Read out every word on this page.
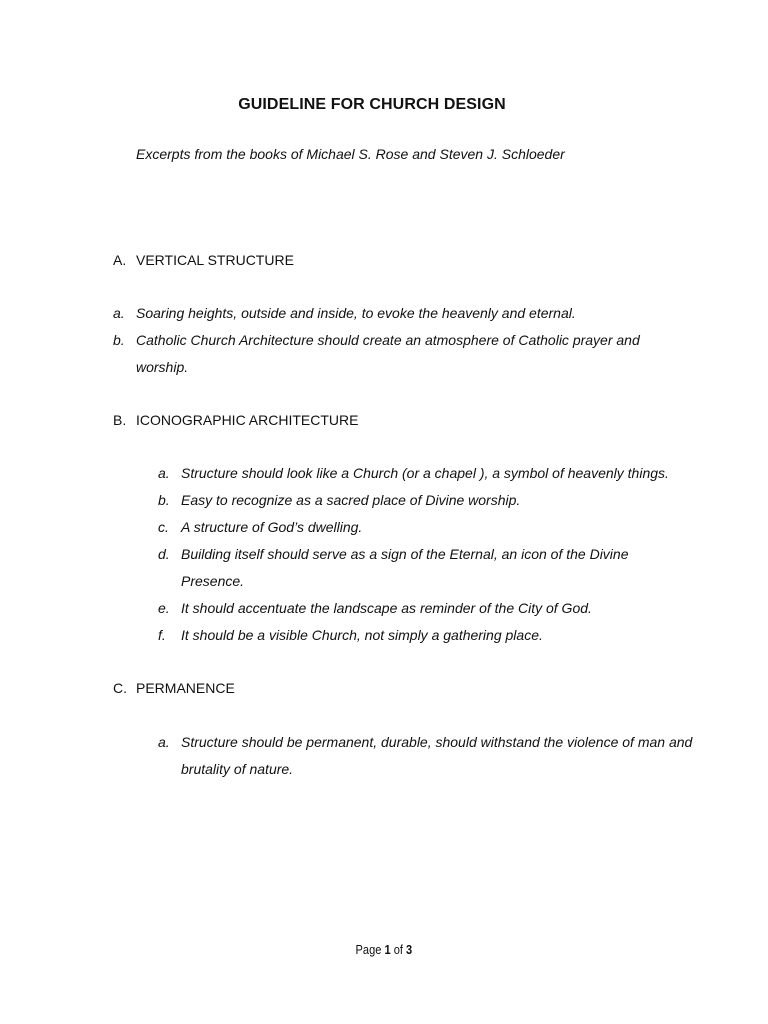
GUIDELINE FOR CHURCH DESIGN
Excerpts from the books of Michael S. Rose and Steven J. Schloeder
A. VERTICAL STRUCTURE
a. Soaring heights, outside and inside, to evoke the heavenly and eternal.
b. Catholic Church Architecture should create an atmosphere of Catholic prayer and worship.
B. ICONOGRAPHIC ARCHITECTURE
a. Structure should look like a Church (or a chapel ), a symbol of heavenly things.
b. Easy to recognize as a sacred place of Divine worship.
c. A structure of God’s dwelling.
d. Building itself should serve as a sign of the Eternal, an icon of the Divine Presence.
e. It should accentuate the landscape as reminder of the City of God.
f.	It should be a visible Church, not simply a gathering place.
C. PERMANENCE
a. Structure should be permanent, durable, should withstand the violence of man and brutality of nature.
Page 1 of 3
